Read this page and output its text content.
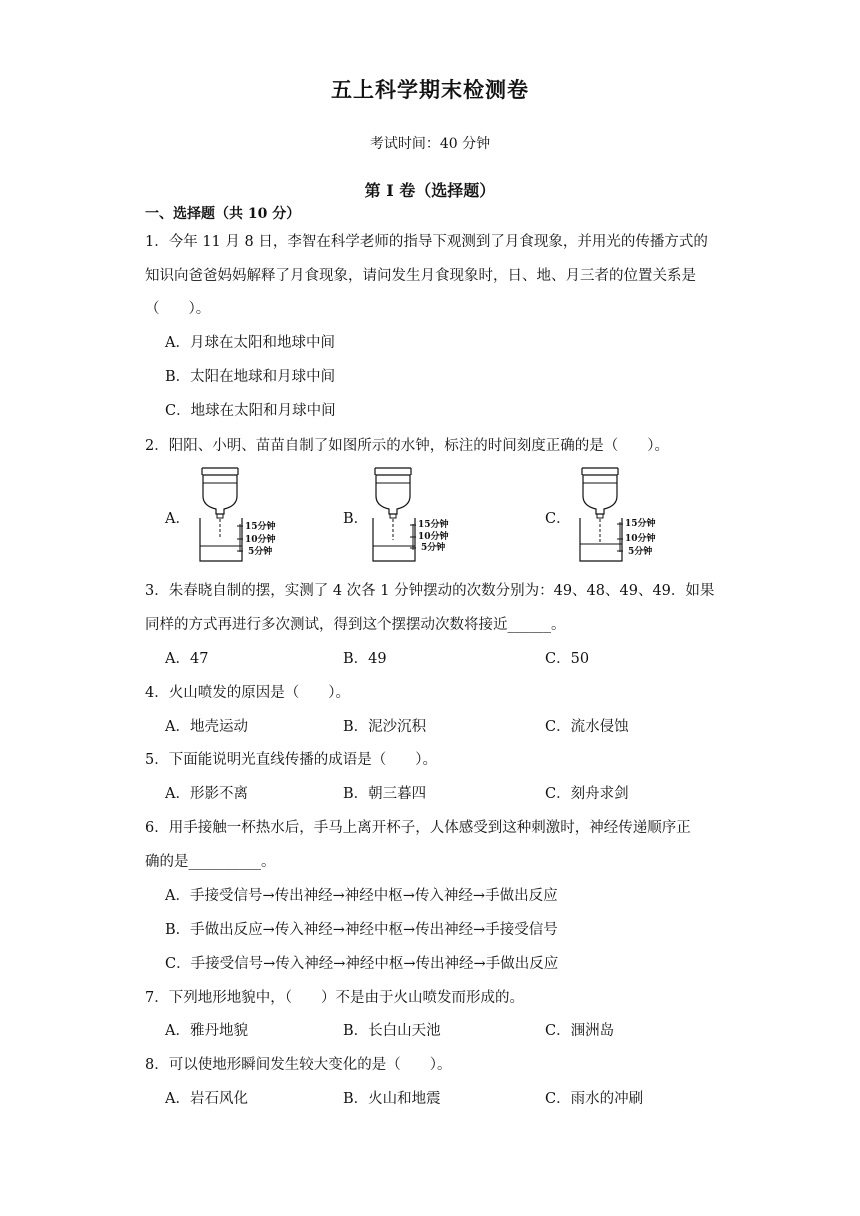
五上科学期末检测卷
考试时间：40 分钟
第 I 卷（选择题）
一、选择题（共 10 分）
1．今年 11 月 8 日，李智在科学老师的指导下观测到了月食现象，并用光的传播方式的
知识向爸爸妈妈解释了月食现象，请问发生月食现象时，日、地、月三者的位置关系是
（　　）。
A．月球在太阳和地球中间
B．太阳在地球和月球中间
C．地球在太阳和月球中间
2．阳阳、小明、苗苗自制了如图所示的水钟，标注的时间刻度正确的是（　　）。
A．	15分钟
10分钟
5分钟
B．	15分钟
10分钟
5分钟
C．	15分钟
10分钟
5分钟
3．朱春晓自制的摆，实测了 4 次各 1 分钟摆动的次数分别为：49、48、49、49．如果
同样的方式再进行多次测试，得到这个摆摆动次数将接近______。
A．47	B．49	C．50
4．火山喷发的原因是（　　）。
A．地壳运动	B．泥沙沉积	C．流水侵蚀
5．下面能说明光直线传播的成语是（　　）。
A．形影不离	B．朝三暮四	C．刻舟求剑
6．用手接触一杯热水后，手马上离开杯子，人体感受到这种刺激时，神经传递顺序正
确的是__________。
A．手接受信号→传出神经→神经中枢→传入神经→手做出反应
B．手做出反应→传入神经→神经中枢→传出神经→手接受信号
C．手接受信号→传入神经→神经中枢→传出神经→手做出反应
7．下列地形地貌中，（　　）不是由于火山喷发而形成的。
A．雅丹地貌	B．长白山天池	C．涠洲岛
8．可以使地形瞬间发生较大变化的是（　　）。
A．岩石风化	B．火山和地震	C．雨水的冲刷
